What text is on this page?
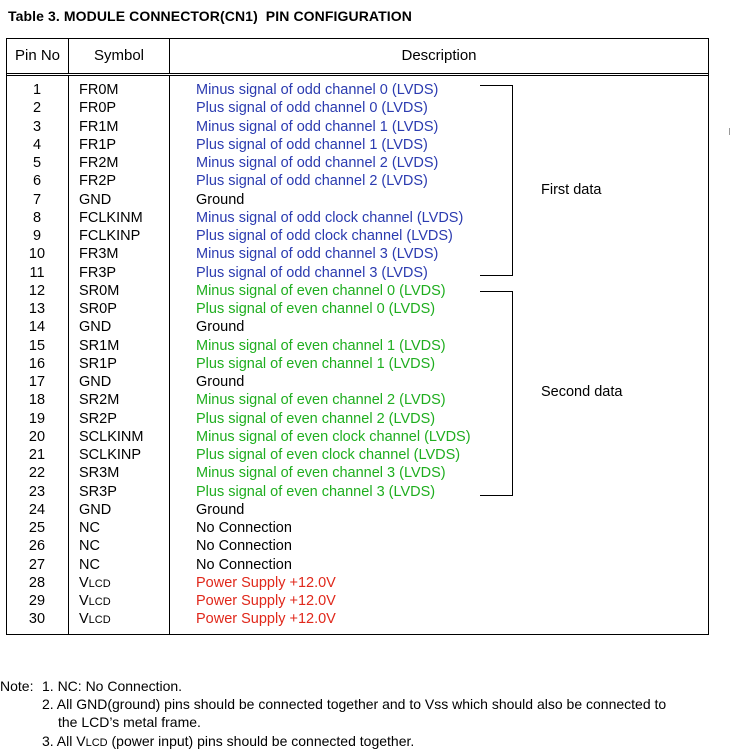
Table 3. MODULE CONNECTOR(CN1)  PIN CONFIGURATION
Pin No	Symbol	Description
1	FR0M	Minus signal of odd channel 0 (LVDS)
2	FR0P	Plus signal of odd channel 0 (LVDS)
3	FR1M	Minus signal of odd channel 1 (LVDS)
4	FR1P	Plus signal of odd channel 1 (LVDS)
5	FR2M	Minus signal of odd channel 2 (LVDS)
6	FR2P	Plus signal of odd channel 2 (LVDS)
7	GND	Ground
8	FCLKINM	Minus signal of odd clock channel (LVDS)
9	FCLKINP	Plus signal of odd clock channel (LVDS)
10	FR3M	Minus signal of odd channel 3 (LVDS)
11	FR3P	Plus signal of odd channel 3 (LVDS)
12	SR0M	Minus signal of even channel 0 (LVDS)
13	SR0P	Plus signal of even channel 0 (LVDS)
14	GND	Ground
15	SR1M	Minus signal of even channel 1 (LVDS)
16	SR1P	Plus signal of even channel 1 (LVDS)
17	GND	Ground
18	SR2M	Minus signal of even channel 2 (LVDS)
19	SR2P	Plus signal of even channel 2 (LVDS)
20	SCLKINM	Minus signal of even clock channel (LVDS)
21	SCLKINP	Plus signal of even clock channel (LVDS)
22	SR3M	Minus signal of even channel 3 (LVDS)
23	SR3P	Plus signal of even channel 3 (LVDS)
24	GND	Ground
25	NC	No Connection
26	NC	No Connection
27	NC	No Connection
28	VLCD	Power Supply +12.0V
29	VLCD	Power Supply +12.0V
30	VLCD	Power Supply +12.0V
First data
Second data
Note: 1. NC: No Connection.
2. All GND(ground) pins should be connected together and to Vss which should also be connected to
the LCD’s metal frame.
3. All VLCD (power input) pins should be connected together.
